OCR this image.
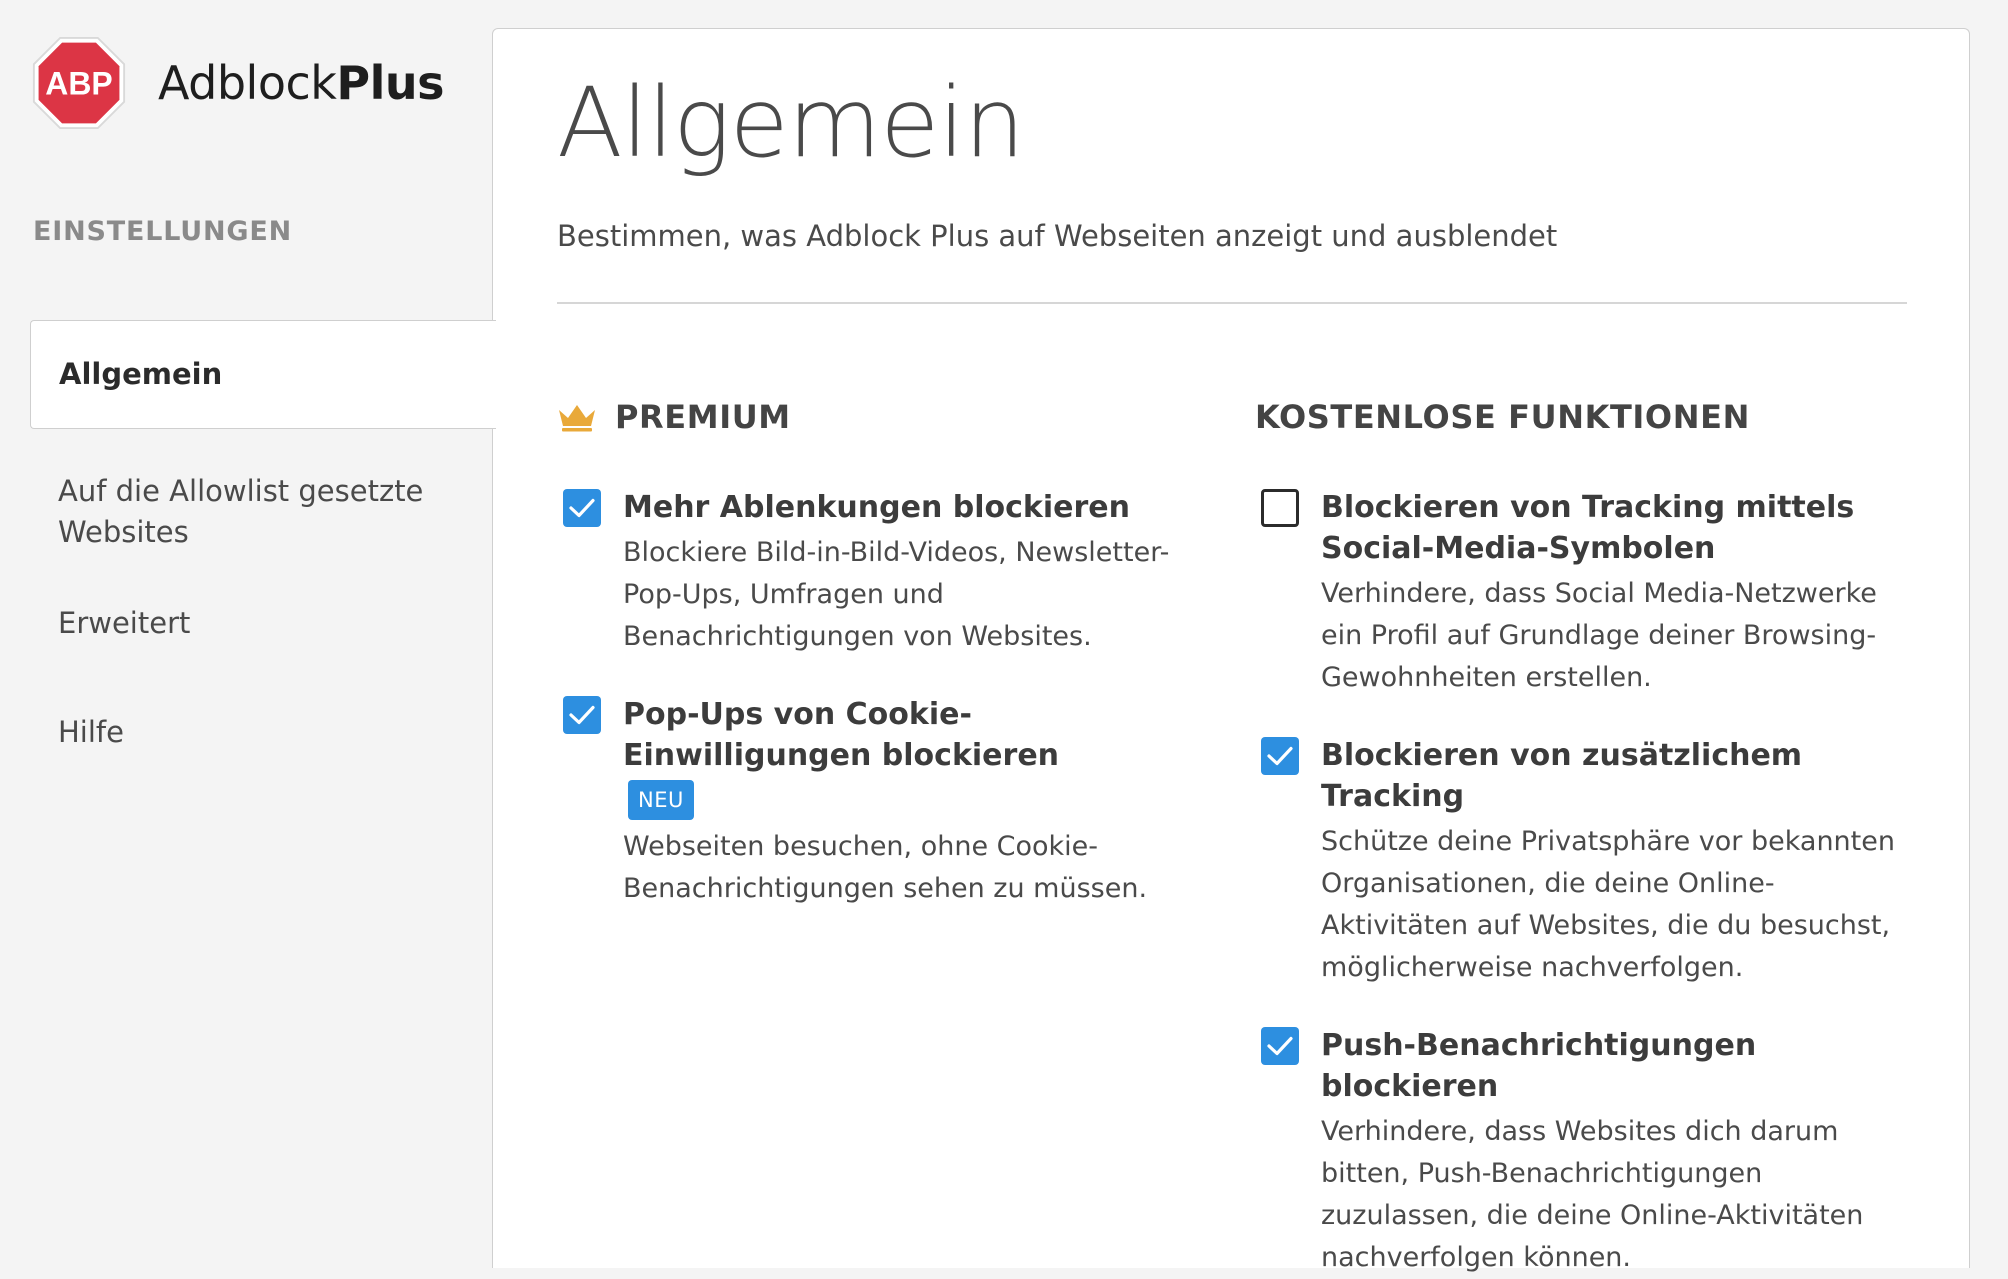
ABP AdblockPlus
EINSTELLUNGEN
Allgemein
Auf die Allowlist gesetzte Websites
Erweitert
Hilfe
Allgemein

Bestimmen, was Adblock Plus auf Webseiten anzeigt und ausblendet

PREMIUM
Mehr Ablenkungen blockieren
Blockiere Bild-in-Bild-Videos, Newsletter-Pop-Ups, Umfragen und Benachrichtigungen von Websites.
Pop-Ups von Cookie-Einwilligungen blockieren
NEU
Webseiten besuchen, ohne Cookie-Benachrichtigungen sehen zu müssen.
KOSTENLOSE FUNKTIONEN
Blockieren von Tracking mittels Social-Media-Symbolen
Verhindere, dass Social Media-Netzwerke ein Profil auf Grundlage deiner Browsing-Gewohnheiten erstellen.
Blockieren von zusätzlichem Tracking
Schütze deine Privatsphäre vor bekannten Organisationen, die deine Online-Aktivitäten auf Websites, die du besuchst, möglicherweise nachverfolgen.
Push-Benachrichtigungen blockieren
Verhindere, dass Websites dich darum bitten, Push-Benachrichtigungen zuzulassen, die deine Online-Aktivitäten nachverfolgen können.
